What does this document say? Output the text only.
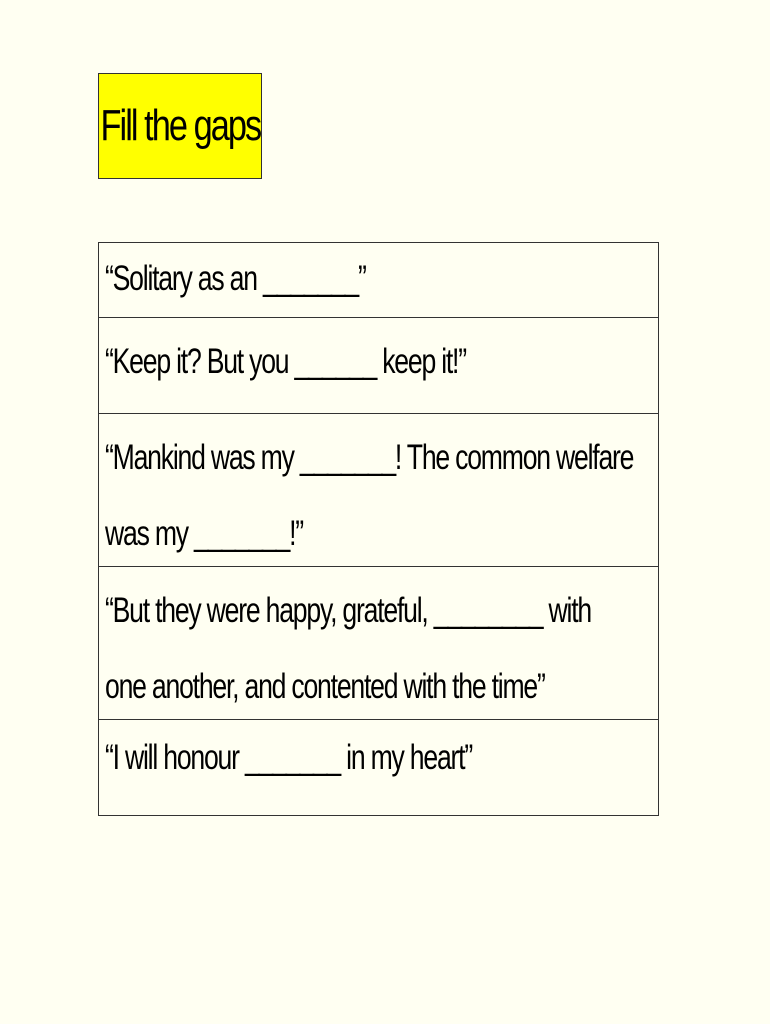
Fill the gaps
“Solitary as an _______”
“Keep it? But you ______ keep it!”
“Mankind was my _______! The common welfare
was my _______!”
“But they were happy, grateful, ________ with
one another, and contented with the time”
“I will honour _______ in my heart”
